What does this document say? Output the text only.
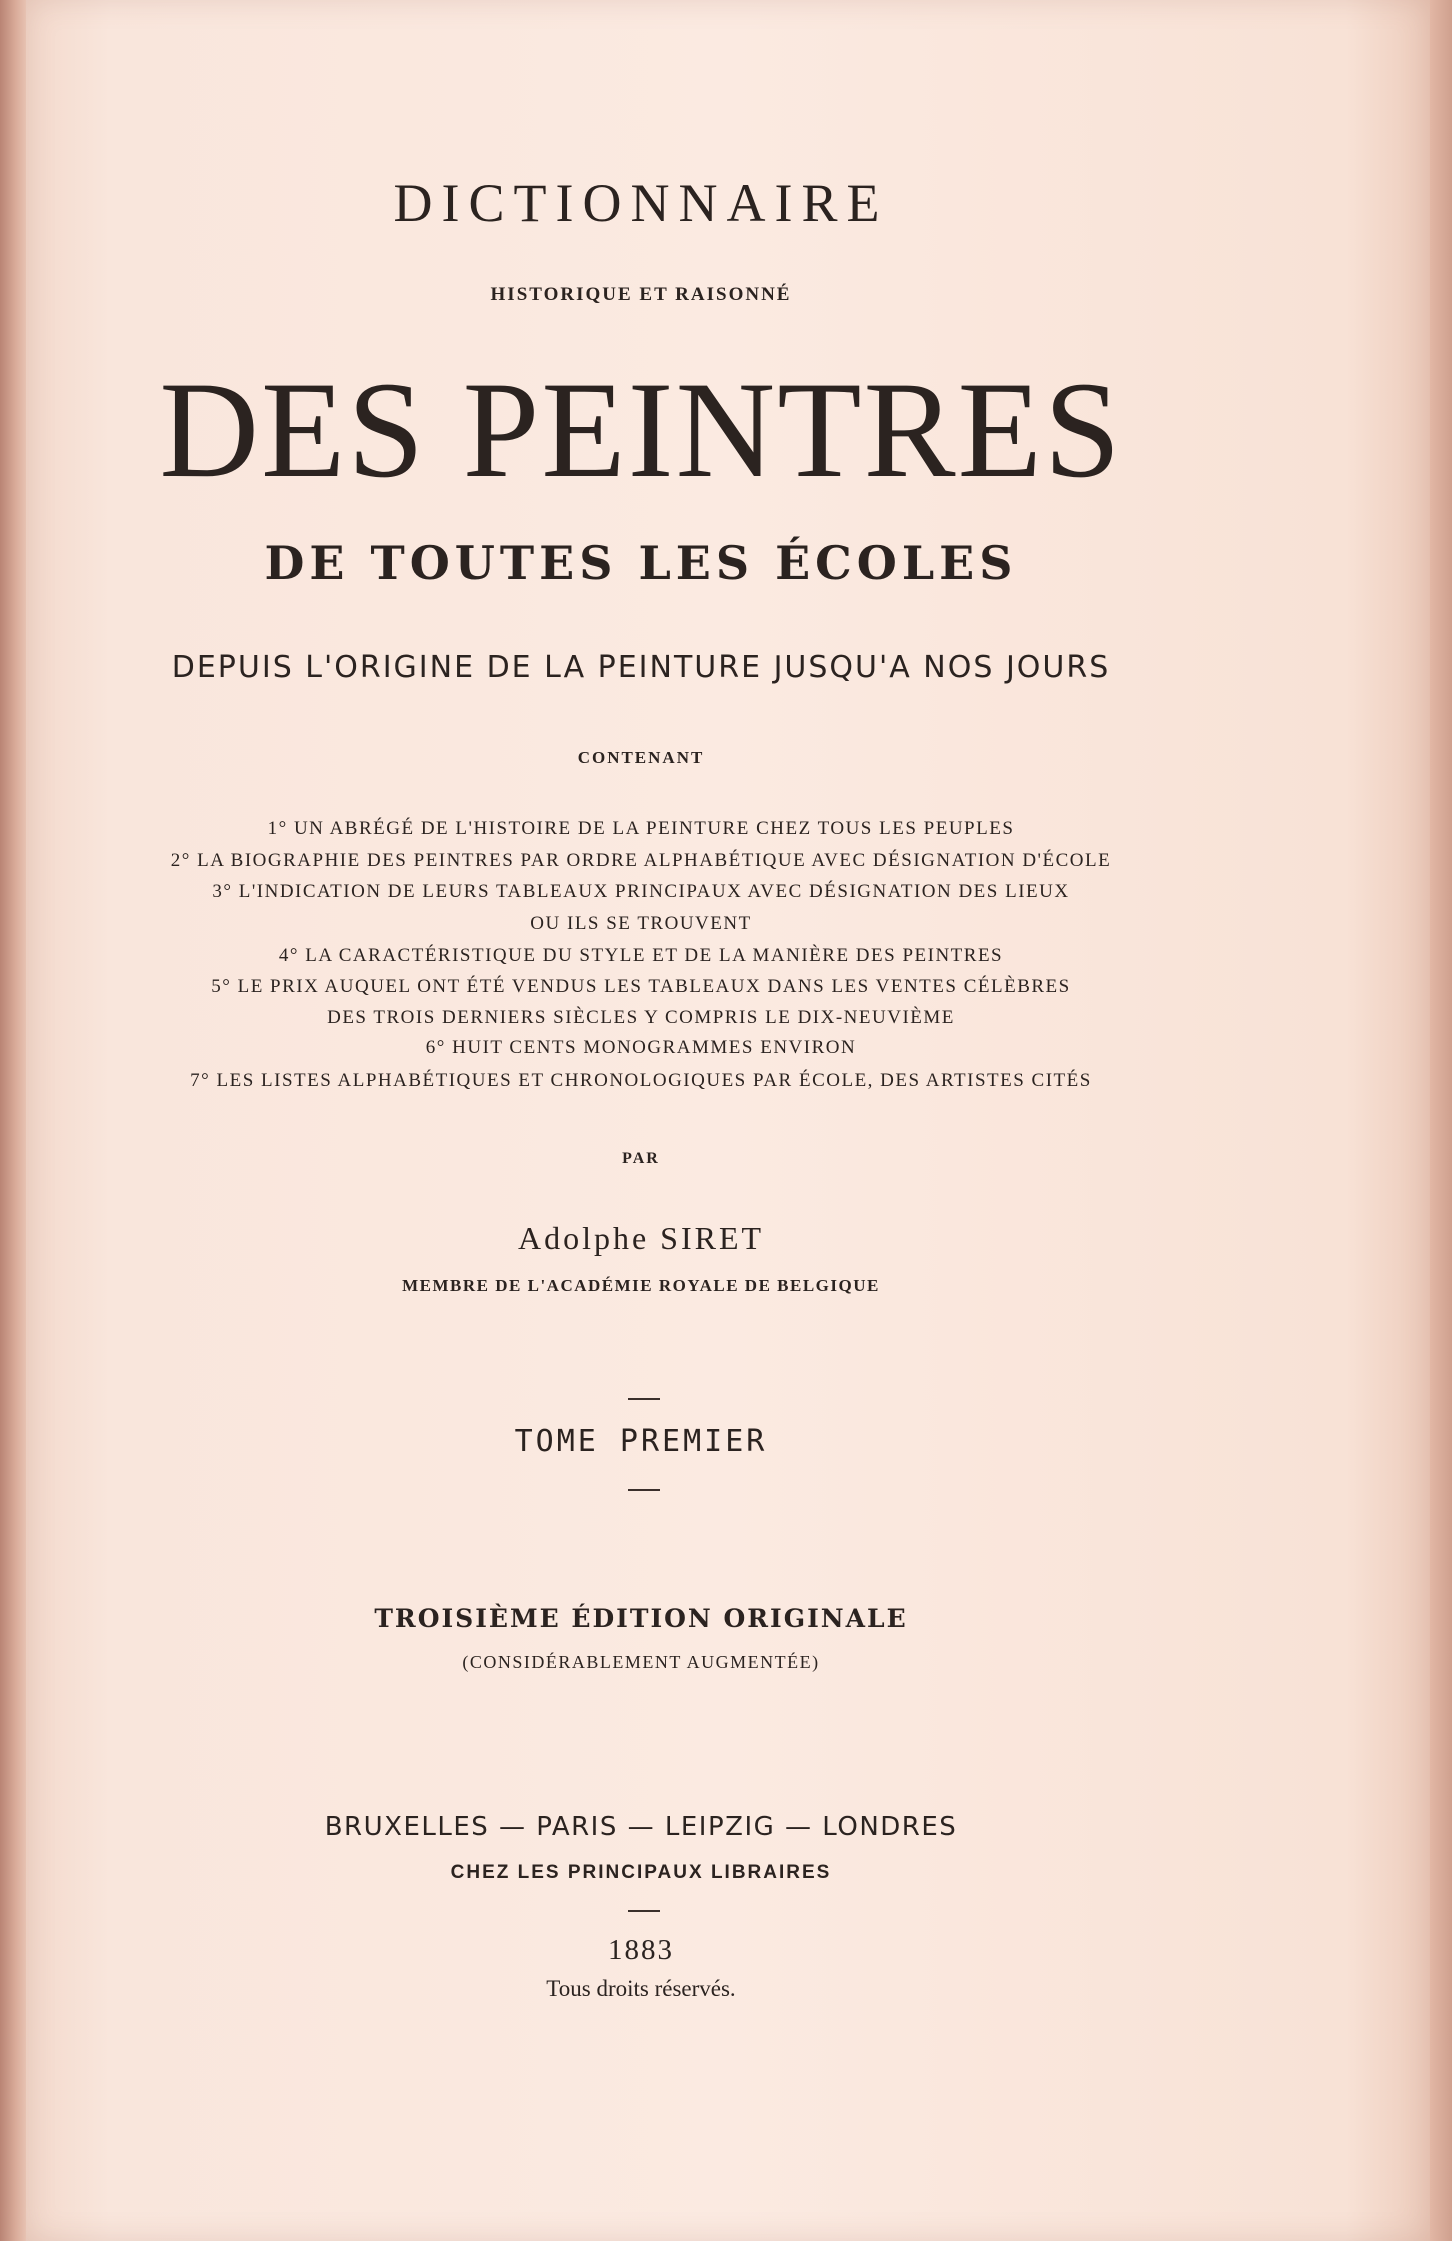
DICTIONNAIRE
HISTORIQUE ET RAISONNÉ
DES PEINTRES
DE TOUTES LES ÉCOLES
DEPUIS L'ORIGINE DE LA PEINTURE JUSQU'A NOS JOURS
CONTENANT
1° UN ABRÉGÉ DE L'HISTOIRE DE LA PEINTURE CHEZ TOUS LES PEUPLES
2° LA BIOGRAPHIE DES PEINTRES PAR ORDRE ALPHABÉTIQUE AVEC DÉSIGNATION D'ÉCOLE
3° L'INDICATION DE LEURS TABLEAUX PRINCIPAUX AVEC DÉSIGNATION DES LIEUX
OU ILS SE TROUVENT
4° LA CARACTÉRISTIQUE DU STYLE ET DE LA MANIÈRE DES PEINTRES
5° LE PRIX AUQUEL ONT ÉTÉ VENDUS LES TABLEAUX DANS LES VENTES CÉLÈBRES
DES TROIS DERNIERS SIÈCLES Y COMPRIS LE DIX-NEUVIÈME
6° HUIT CENTS MONOGRAMMES ENVIRON
7° LES LISTES ALPHABÉTIQUES ET CHRONOLOGIQUES PAR ÉCOLE, DES ARTISTES CITÉS
PAR
Adolphe SIRET
MEMBRE DE L'ACADÉMIE ROYALE DE BELGIQUE
TOME PREMIER
TROISIÈME ÉDITION ORIGINALE
(CONSIDÉRABLEMENT AUGMENTÉE)
BRUXELLES — PARIS — LEIPZIG — LONDRES
CHEZ LES PRINCIPAUX LIBRAIRES
1883
Tous droits réservés.
